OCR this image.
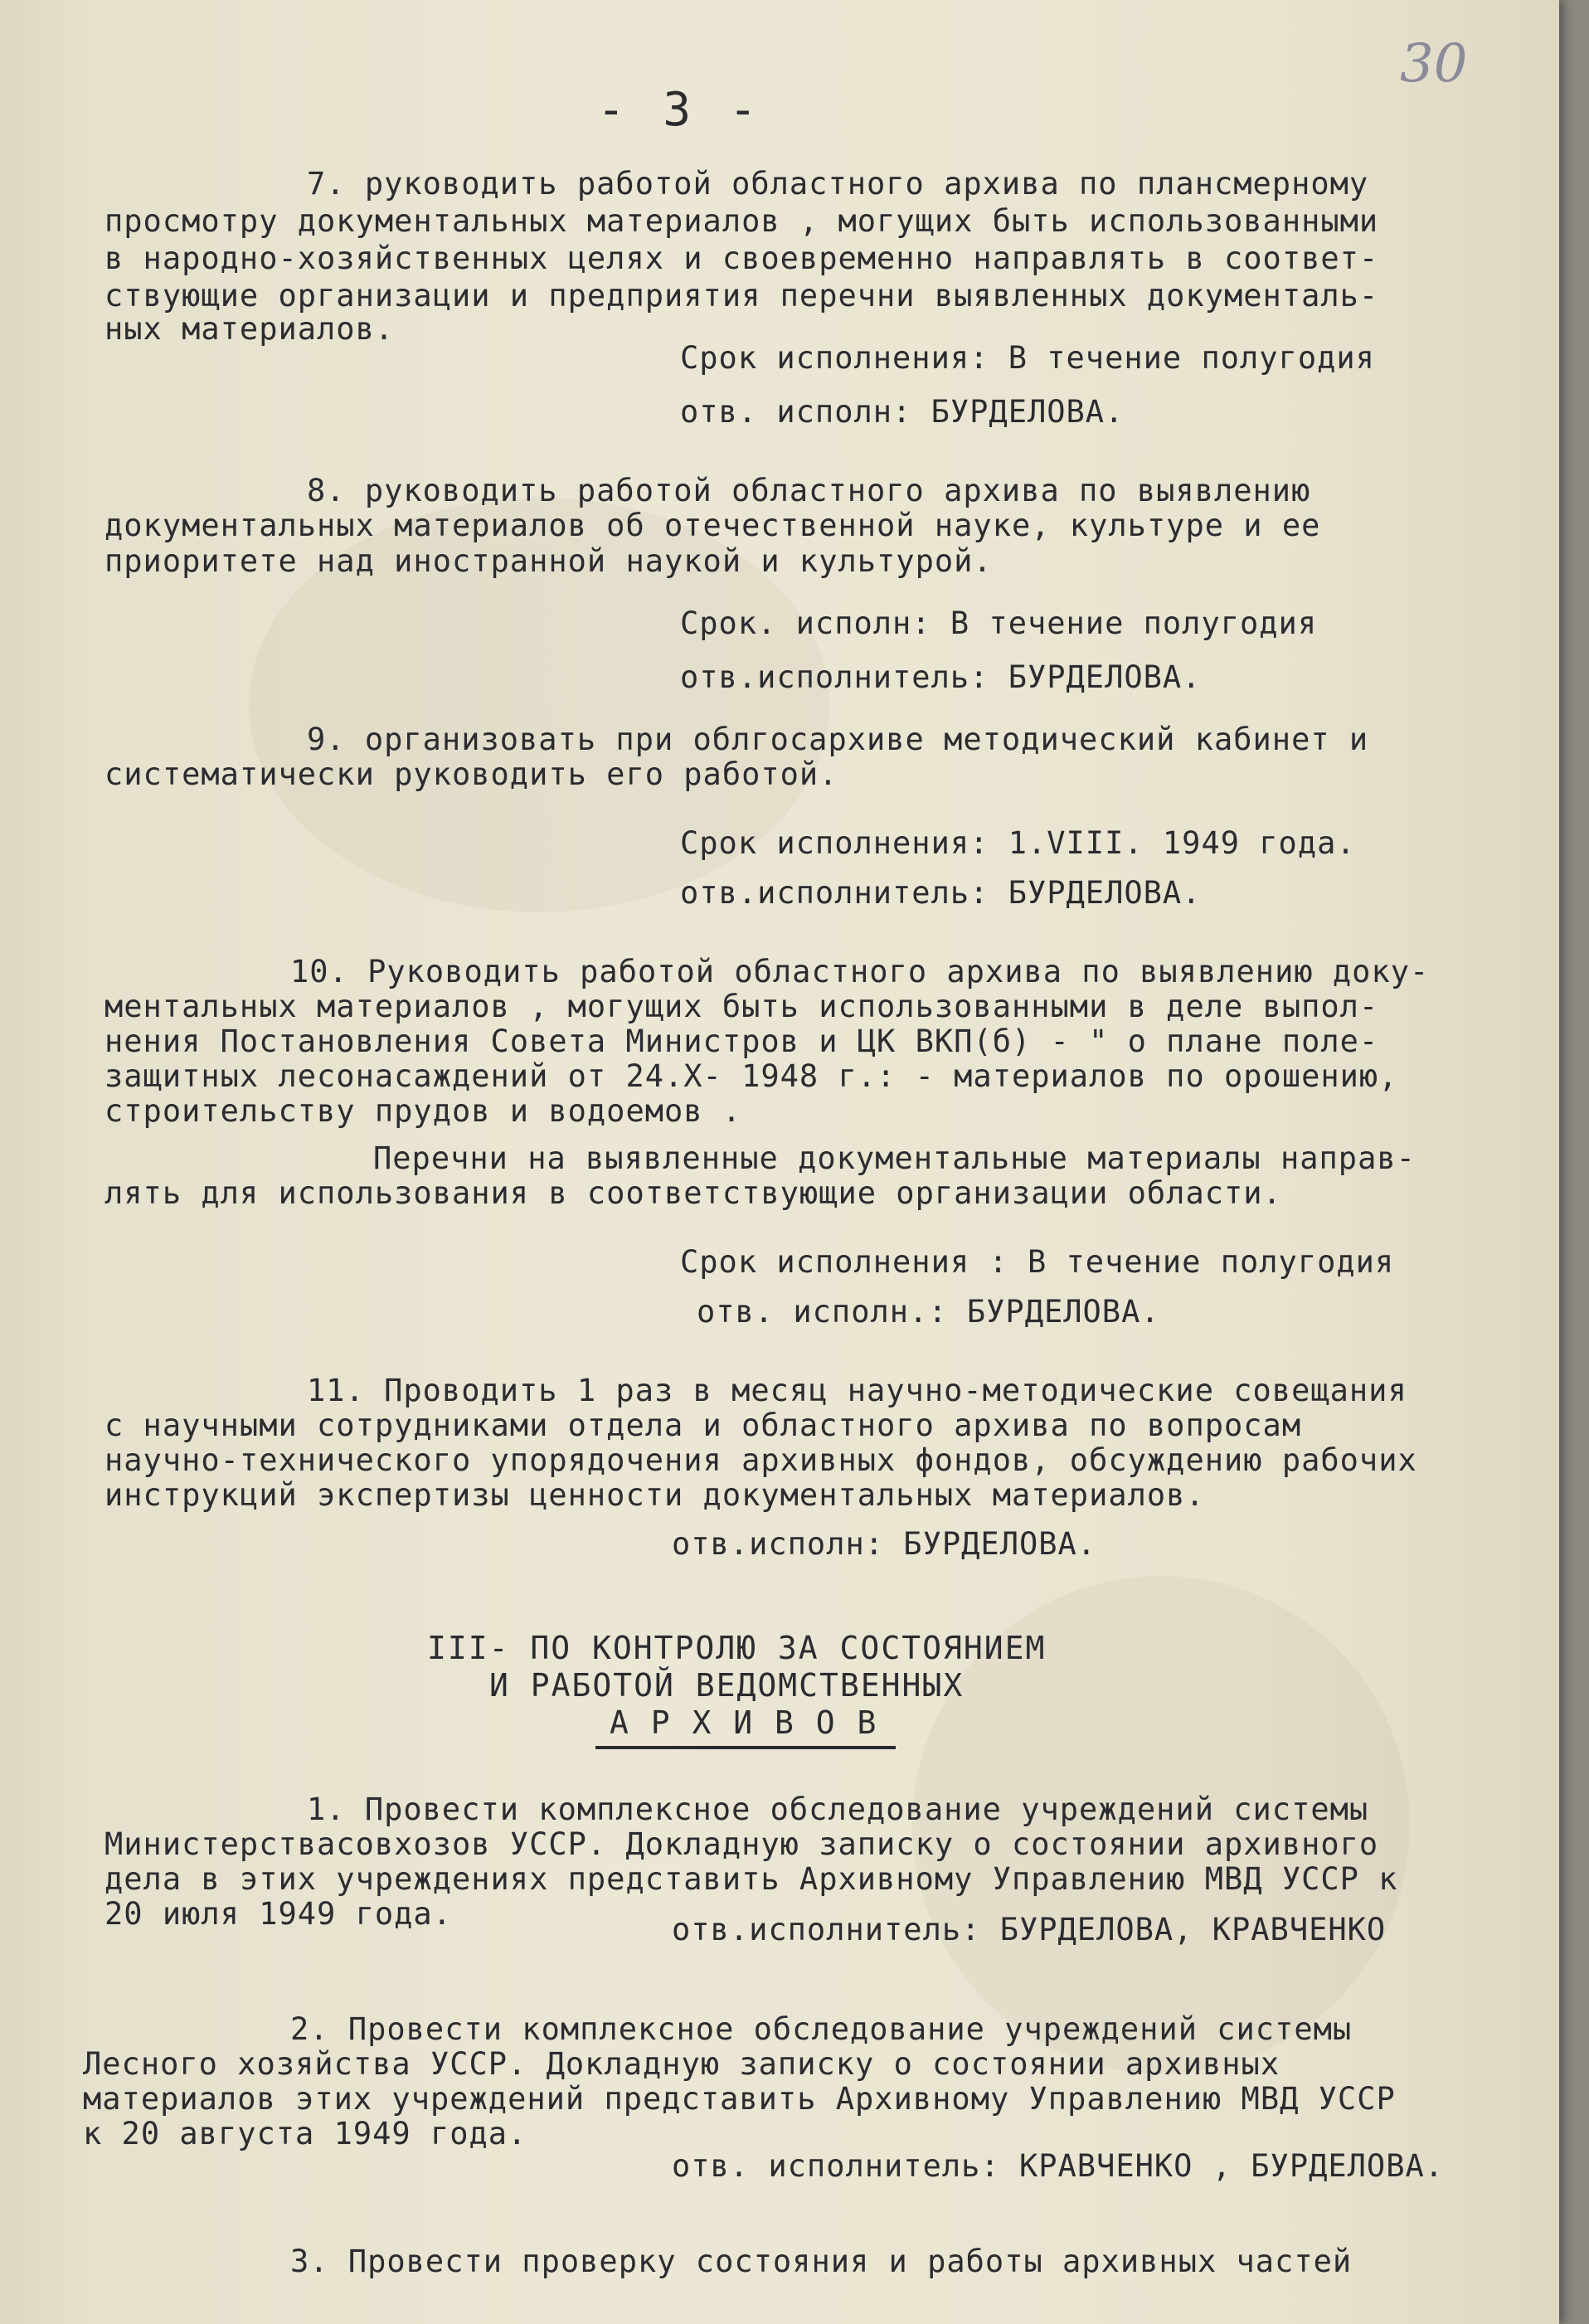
30
- 3 -
7. руководить работой областного архива по плансмерному
просмотру документальных материалов , могущих быть использованными
в народно-хозяйственных целях и своевременно направлять в соответ-
ствующие организации и предприятия перечни выявленных документаль-
ных материалов.
Срок исполнения: В течение полугодия
отв. исполн: БУРДЕЛОВА.
8. руководить работой областного архива по выявлению
документальных материалов об отечественной науке, культуре и ее
приоритете над иностранной наукой и культурой.
Срок. исполн: В течение полугодия
отв.исполнитель: БУРДЕЛОВА.
9. организовать при облгосархиве методический кабинет и
систематически руководить его работой.
Срок исполнения: 1.VIII. 1949 года.
отв.исполнитель: БУРДЕЛОВА.
10. Руководить работой областного архива по выявлению доку-
ментальных материалов , могущих быть использованными в деле выпол-
нения Постановления Совета Министров и ЦК ВКП(б) - " о плане поле-
защитных лесонасаждений от 24.X- 1948 г.: - материалов по орошению,
строительству прудов и водоемов .
Перечни на выявленные документальные материалы направ-
лять для использования в соответствующие организации области.
Срок исполнения : В течение полугодия
отв. исполн.: БУРДЕЛОВА.
11. Проводить 1 раз в месяц научно-методические совещания
с научными сотрудниками отдела и областного архива по вопросам
научно-технического упорядочения архивных фондов, обсуждению рабочих
инструкций экспертизы ценности документальных материалов.
отв.исполн: БУРДЕЛОВА.
III- ПО КОНТРОЛЮ ЗА СОСТОЯНИЕМ
И РАБОТОЙ ВЕДОМСТВЕННЫХ
А Р Х И В О В
1. Провести комплексное обследование учреждений системы
Министерствасовхозов УССР. Докладную записку о состоянии архивного
дела в этих учреждениях представить Архивному Управлению МВД УССР к
20 июля 1949 года.	отв.исполнитель: БУРДЕЛОВА, КРАВЧЕНКО
2. Провести комплексное обследование учреждений системы
Лесного хозяйства УССР. Докладную записку о состоянии архивных
материалов этих учреждений представить Архивному Управлению МВД УССР
к 20 августа 1949 года.
отв. исполнитель: КРАВЧЕНКО , БУРДЕЛОВА.
3. Провести проверку состояния и работы архивных частей
